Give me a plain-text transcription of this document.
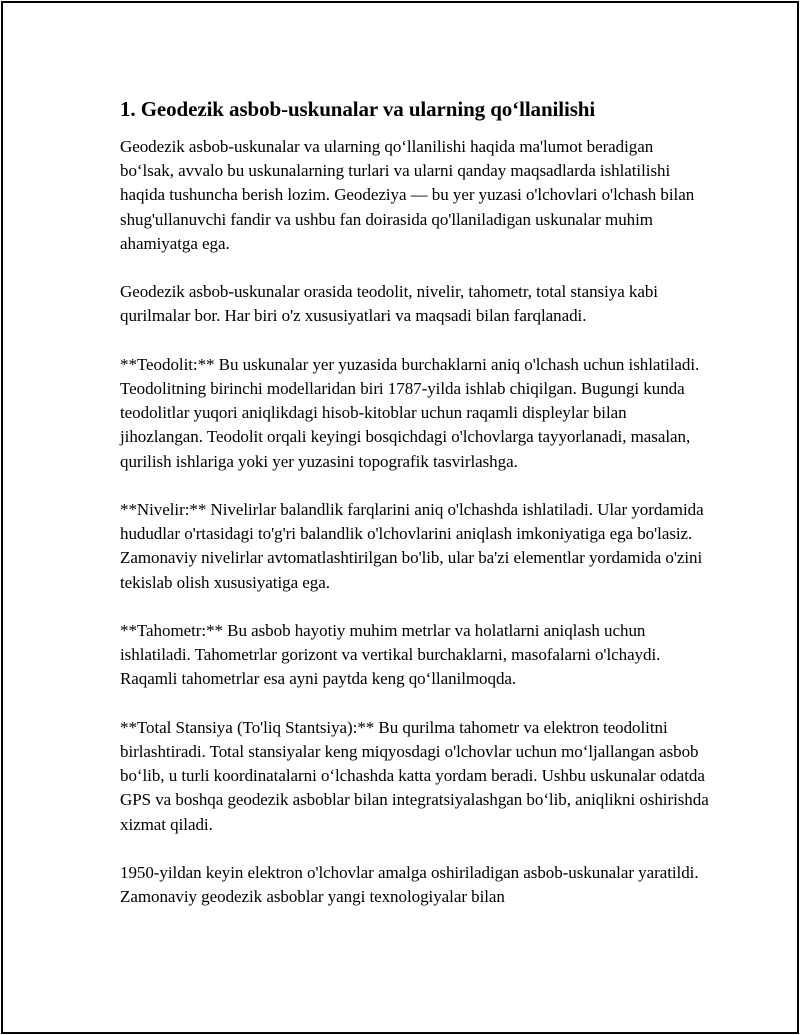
1. Geodezik asbob-uskunalar va ularning qo‘llanilishi

Geodezik asbob-uskunalar va ularning qo‘llanilishi haqida ma'lumot beradigan bo‘lsak, avvalo bu uskunalarning turlari va ularni qanday maqsadlarda ishlatilishi haqida tushuncha berish lozim. Geodeziya — bu yer yuzasi o'lchovlari o'lchash bilan shug'ullanuvchi fandir va ushbu fan doirasida qo'llaniladigan uskunalar muhim ahamiyatga ega.

Geodezik asbob-uskunalar orasida teodolit, nivelir, tahometr, total stansiya kabi qurilmalar bor. Har biri o'z xususiyatlari va maqsadi bilan farqlanadi.

**Teodolit:** Bu uskunalar yer yuzasida burchaklarni aniq o'lchash uchun ishlatiladi. Teodolitning birinchi modellaridan biri 1787-yilda ishlab chiqilgan. Bugungi kunda teodolitlar yuqori aniqlikdagi hisob-kitoblar uchun raqamli displeylar bilan jihozlangan. Teodolit orqali keyingi bosqichdagi o'lchovlarga tayyorlanadi, masalan, qurilish ishlariga yoki yer yuzasini topografik tasvirlashga.

**Nivelir:** Nivelirlar balandlik farqlarini aniq o'lchashda ishlatiladi. Ular yordamida hududlar o'rtasidagi to'g'ri balandlik o'lchovlarini aniqlash imkoniyatiga ega bo'lasiz. Zamonaviy nivelirlar avtomatlashtirilgan bo'lib, ular ba'zi elementlar yordamida o'zini tekislab olish xususiyatiga ega.

**Tahometr:** Bu asbob hayotiy muhim metrlar va holatlarni aniqlash uchun ishlatiladi. Tahometrlar gorizont va vertikal burchaklarni, masofalarni o'lchaydi. Raqamli tahometrlar esa ayni paytda keng qo‘llanilmoqda.

**Total Stansiya (To'liq Stantsiya):** Bu qurilma tahometr va elektron teodolitni birlashtiradi. Total stansiyalar keng miqyosdagi o'lchovlar uchun mo‘ljallangan asbob bo‘lib, u turli koordinatalarni o‘lchashda katta yordam beradi. Ushbu uskunalar odatda GPS va boshqa geodezik asboblar bilan integratsiyalashgan bo‘lib, aniqlikni oshirishda xizmat qiladi.

1950-yildan keyin elektron o'lchovlar amalga oshiriladigan asbob-uskunalar yaratildi. Zamonaviy geodezik asboblar yangi texnologiyalar bilan
